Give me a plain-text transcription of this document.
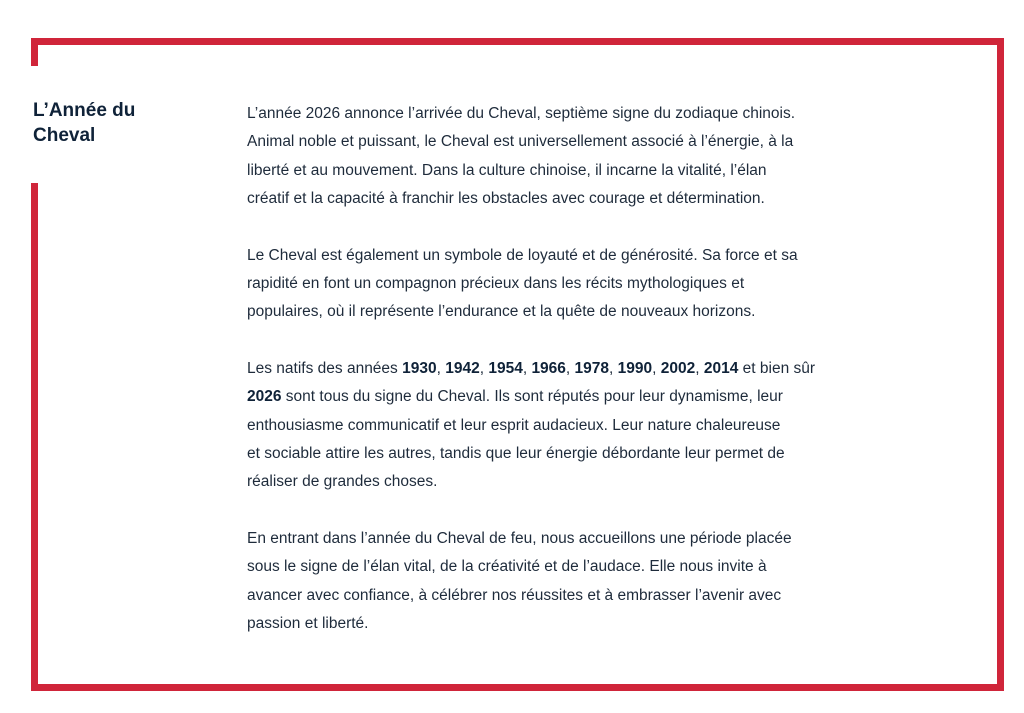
L’Année du
Cheval

L’année 2026 annonce l’arrivée du Cheval, septième signe du zodiaque chinois.
Animal noble et puissant, le Cheval est universellement associé à l’énergie, à la
liberté et au mouvement. Dans la culture chinoise, il incarne la vitalité, l’élan
créatif et la capacité à franchir les obstacles avec courage et détermination.

Le Cheval est également un symbole de loyauté et de générosité. Sa force et sa
rapidité en font un compagnon précieux dans les récits mythologiques et
populaires, où il représente l’endurance et la quête de nouveaux horizons.

Les natifs des années 1930, 1942, 1954, 1966, 1978, 1990, 2002, 2014 et bien sûr
2026 sont tous du signe du Cheval. Ils sont réputés pour leur dynamisme, leur
enthousiasme communicatif et leur esprit audacieux. Leur nature chaleureuse
et sociable attire les autres, tandis que leur énergie débordante leur permet de
réaliser de grandes choses.

En entrant dans l’année du Cheval de feu, nous accueillons une période placée
sous le signe de l’élan vital, de la créativité et de l’audace. Elle nous invite à
avancer avec confiance, à célébrer nos réussites et à embrasser l’avenir avec
passion et liberté.
